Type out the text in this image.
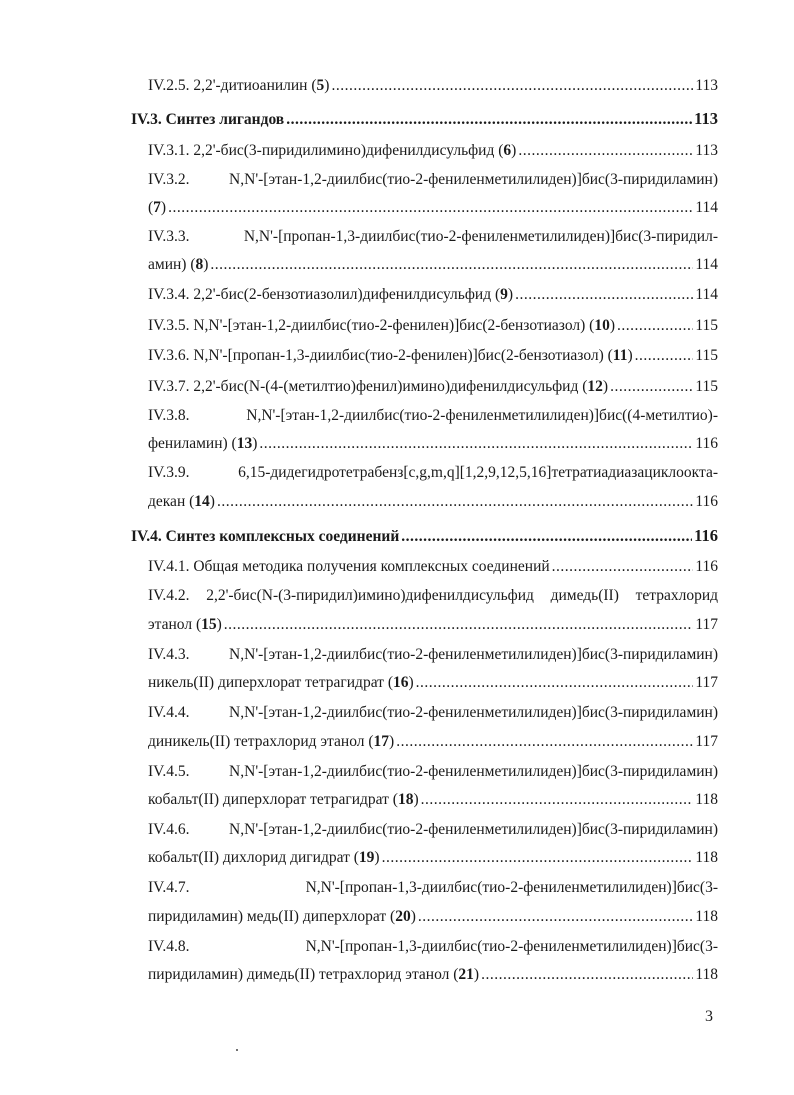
IV.2.5. 2,2'-дитиоанилин (5) .....	113
IV.3. Синтез лигандов .....	113
IV.3.1. 2,2'-бис(3-пиридилимино)дифенилдисульфид (6) .....	113
IV.3.2. N,N'-[этан-1,2-диилбис(тио-2-фениленметилилиден)]бис(3-пиридиламин)
(7) .....	114
IV.3.3. N,N'-[пропан-1,3-диилбис(тио-2-фениленметилилиден)]бис(3-пиридил-
амин) (8) .....	114
IV.3.4. 2,2'-бис(2-бензотиазолил)дифенилдисульфид (9) .....	114
IV.3.5. N,N'-[этан-1,2-диилбис(тио-2-фенилен)]бис(2-бензотиазол) (10) .....	115
IV.3.6. N,N'-[пропан-1,3-диилбис(тио-2-фенилен)]бис(2-бензотиазол) (11) .....	115
IV.3.7. 2,2'-бис(N-(4-(метилтио)фенил)имино)дифенилдисульфид (12) .....	115
IV.3.8. N,N'-[этан-1,2-диилбис(тио-2-фениленметилилиден)]бис((4-метилтио)-
фениламин) (13) .....	116
IV.3.9. 6,15-дидегидротетрабенз[c,g,m,q][1,2,9,12,5,16]тетратиадиазациклоокта-
декан (14) .....	116
IV.4. Синтез комплексных соединений .....	116
IV.4.1. Общая методика получения комплексных соединений .....	116
IV.4.2. 2,2'-бис(N-(3-пиридил)имино)дифенилдисульфид димедь(II) тетрахлорид
этанол (15) .....	117
IV.4.3. N,N'-[этан-1,2-диилбис(тио-2-фениленметилилиден)]бис(3-пиридиламин)
никель(II) диперхлорат тетрагидрат (16) .....	117
IV.4.4. N,N'-[этан-1,2-диилбис(тио-2-фениленметилилиден)]бис(3-пиридиламин)
диникель(II) тетрахлорид этанол (17) .....	117
IV.4.5. N,N'-[этан-1,2-диилбис(тио-2-фениленметилилиден)]бис(3-пиридиламин)
кобальт(II) диперхлорат тетрагидрат (18) .....	118
IV.4.6. N,N'-[этан-1,2-диилбис(тио-2-фениленметилилиден)]бис(3-пиридиламин)
кобальт(II) дихлорид дигидрат (19) .....	118
IV.4.7. N,N'-[пропан-1,3-диилбис(тио-2-фениленметилилиден)]бис(3-
пиридиламин) медь(II) диперхлорат (20) .....	118
IV.4.8. N,N'-[пропан-1,3-диилбис(тио-2-фениленметилилиден)]бис(3-
пиридиламин) димедь(II) тетрахлорид этанол (21) .....	118
3
